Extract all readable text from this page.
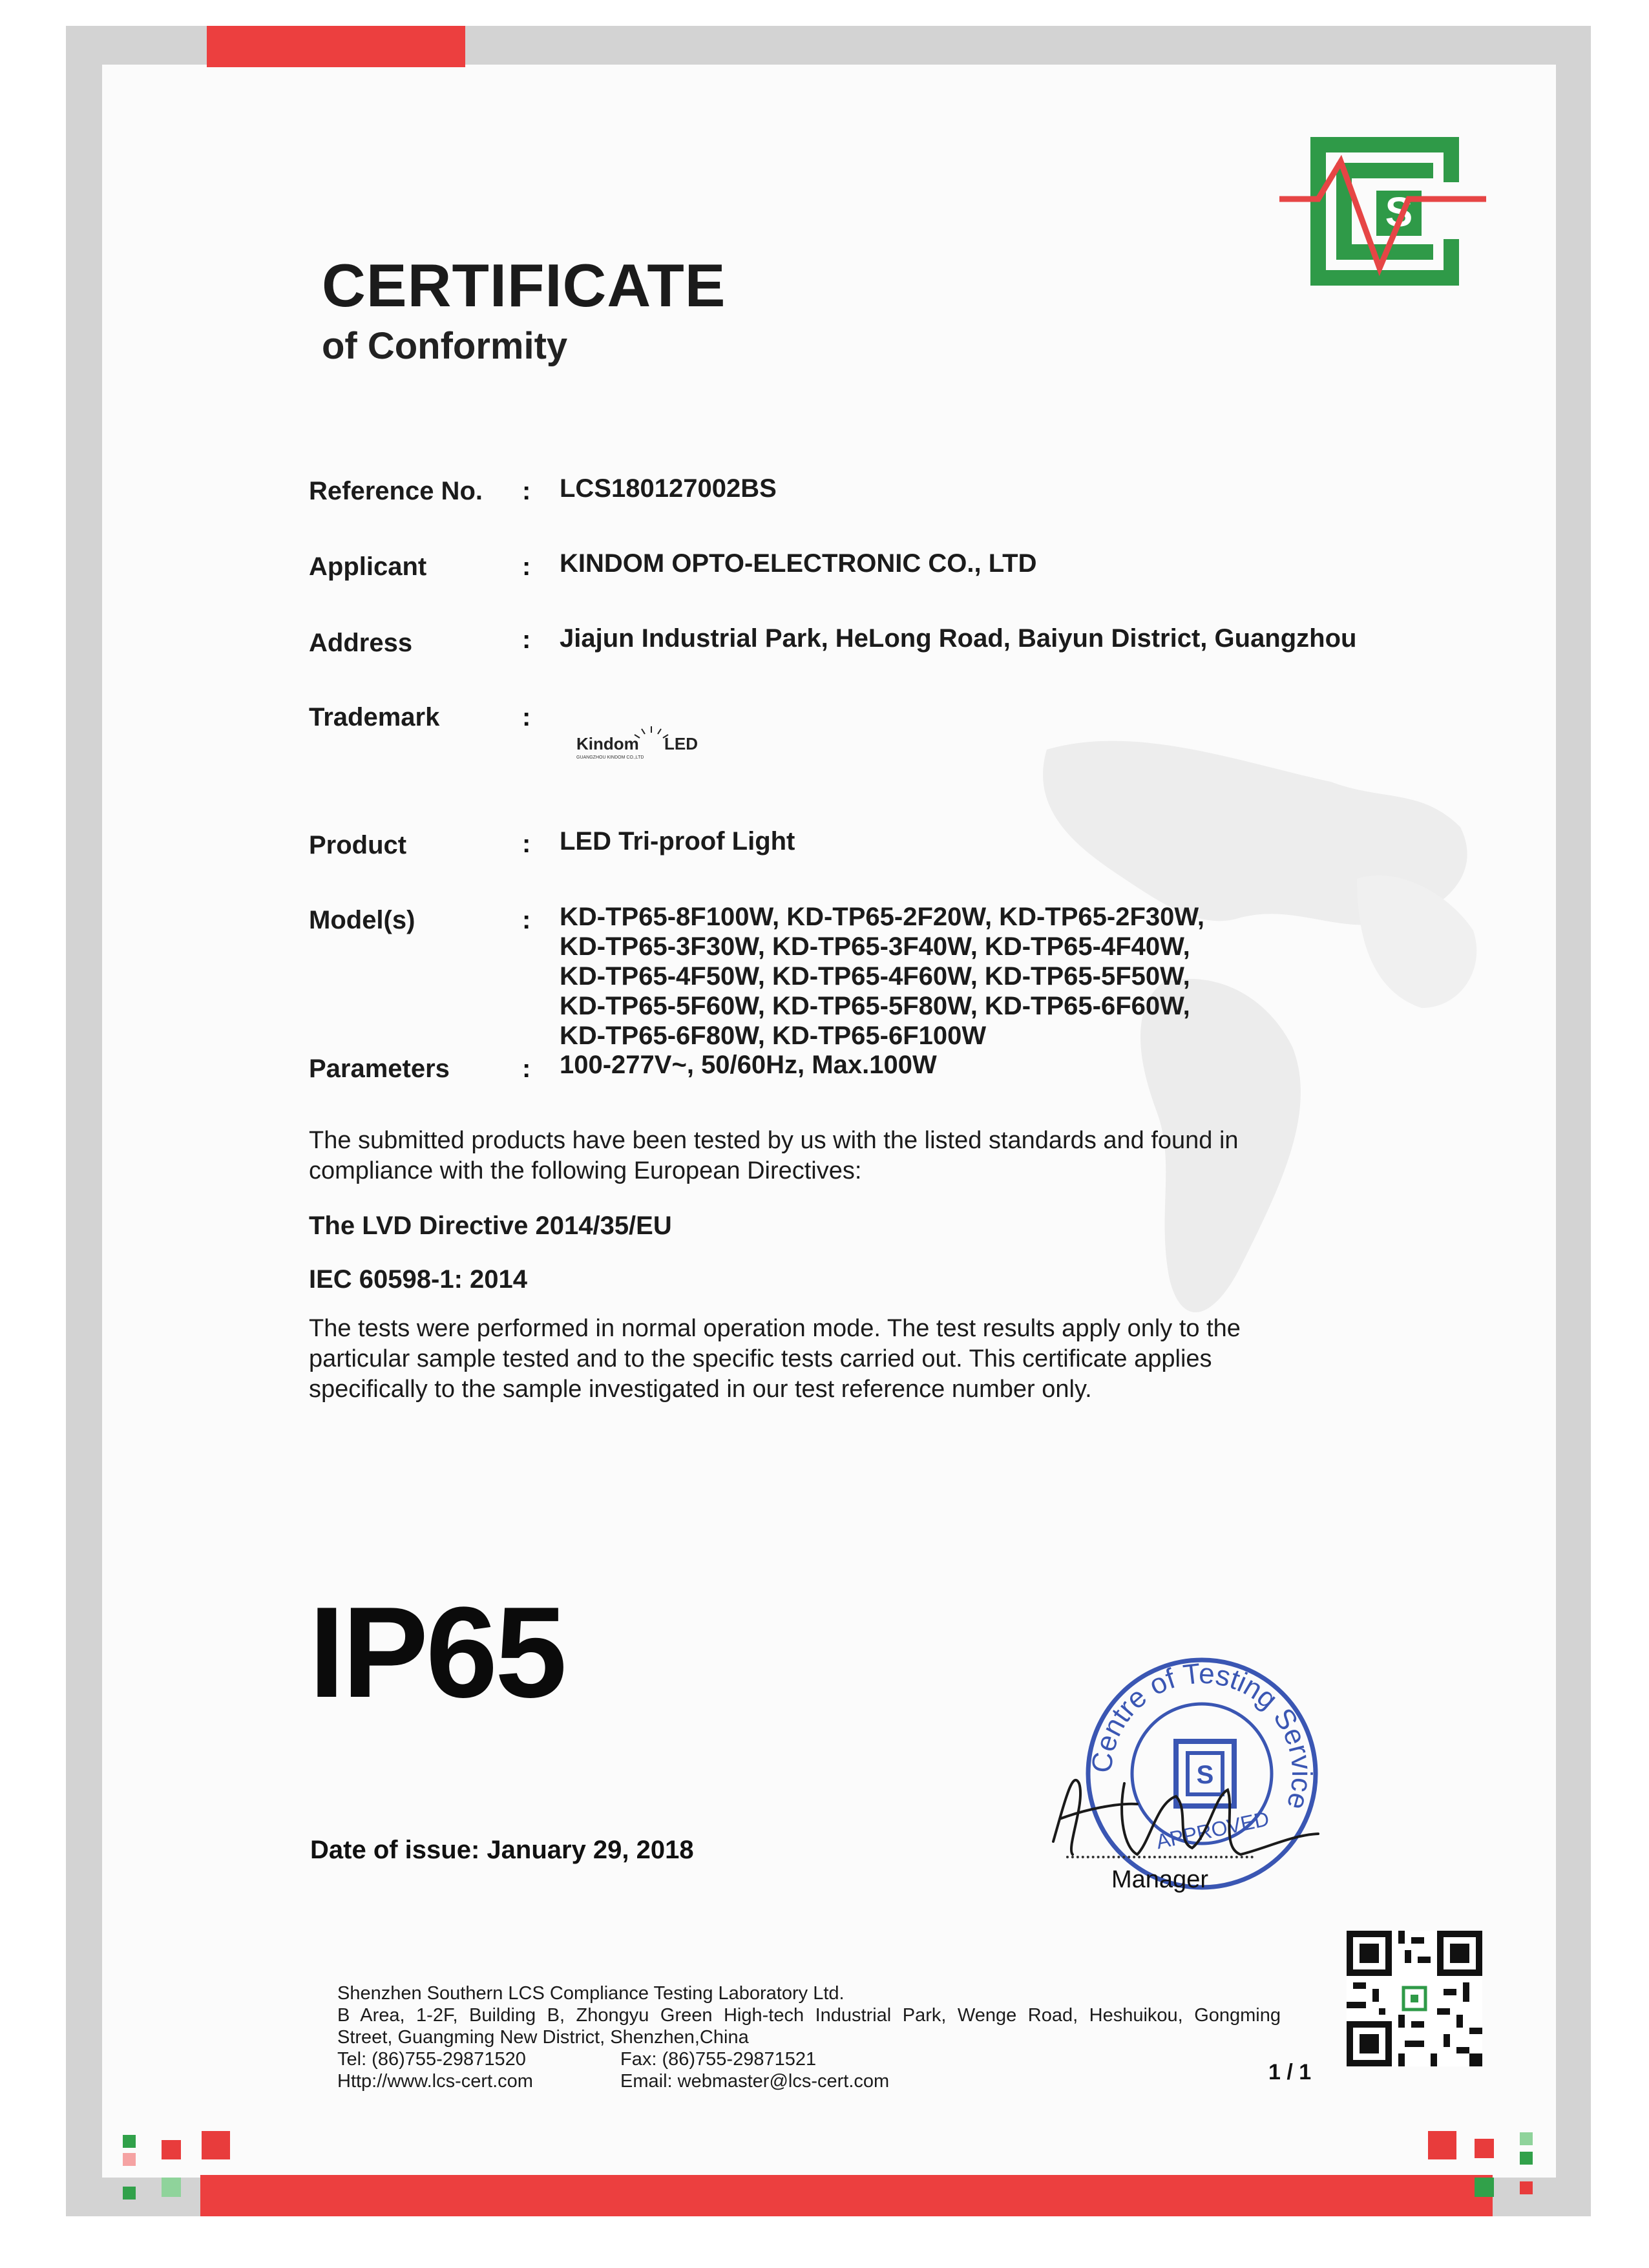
S
CERTIFICATE
of Conformity
Reference No. : LCS180127002BS
Applicant	: KINDOM OPTO-ELECTRONIC CO., LTD
Address	: Jiajun Industrial Park, HeLong Road, Baiyun District, Guangzhou
Trademark	:
Kindom LED
GUANGZHOU KINDOM CO.,LTD
Product	: LED Tri-proof Light
Model(s)	: KD-TP65-8F100W, KD-TP65-2F20W, KD-TP65-2F30W,
KD-TP65-3F30W, KD-TP65-3F40W, KD-TP65-4F40W,
KD-TP65-4F50W, KD-TP65-4F60W, KD-TP65-5F50W,
KD-TP65-5F60W, KD-TP65-5F80W, KD-TP65-6F60W,
KD-TP65-6F80W, KD-TP65-6F100W
Parameters	: 100-277V~, 50/60Hz, Max.100W
The submitted products have been tested by us with the listed standards and found in compliance with the following European Directives:
The LVD Directive 2014/35/EU
IEC 60598-1: 2014
The tests were performed in normal operation mode. The test results apply only to the particular sample tested and to the specific tests carried out. This certificate applies specifically to the sample investigated in our test reference number only.
IP65
Centre of Testing Service
S
APPROVED
Manager
Date of issue: January 29, 2018
Shenzhen Southern LCS Compliance Testing Laboratory Ltd.
B Area, 1-2F, Building B, Zhongyu Green High-tech Industrial Park, Wenge Road, Heshuikou, Gongming
Street, Guangming New District, Shenzhen,China
Tel: (86)755-29871520	Fax: (86)755-29871521
Http://www.lcs-cert.com	Email: webmaster@lcs-cert.com	1 / 1
